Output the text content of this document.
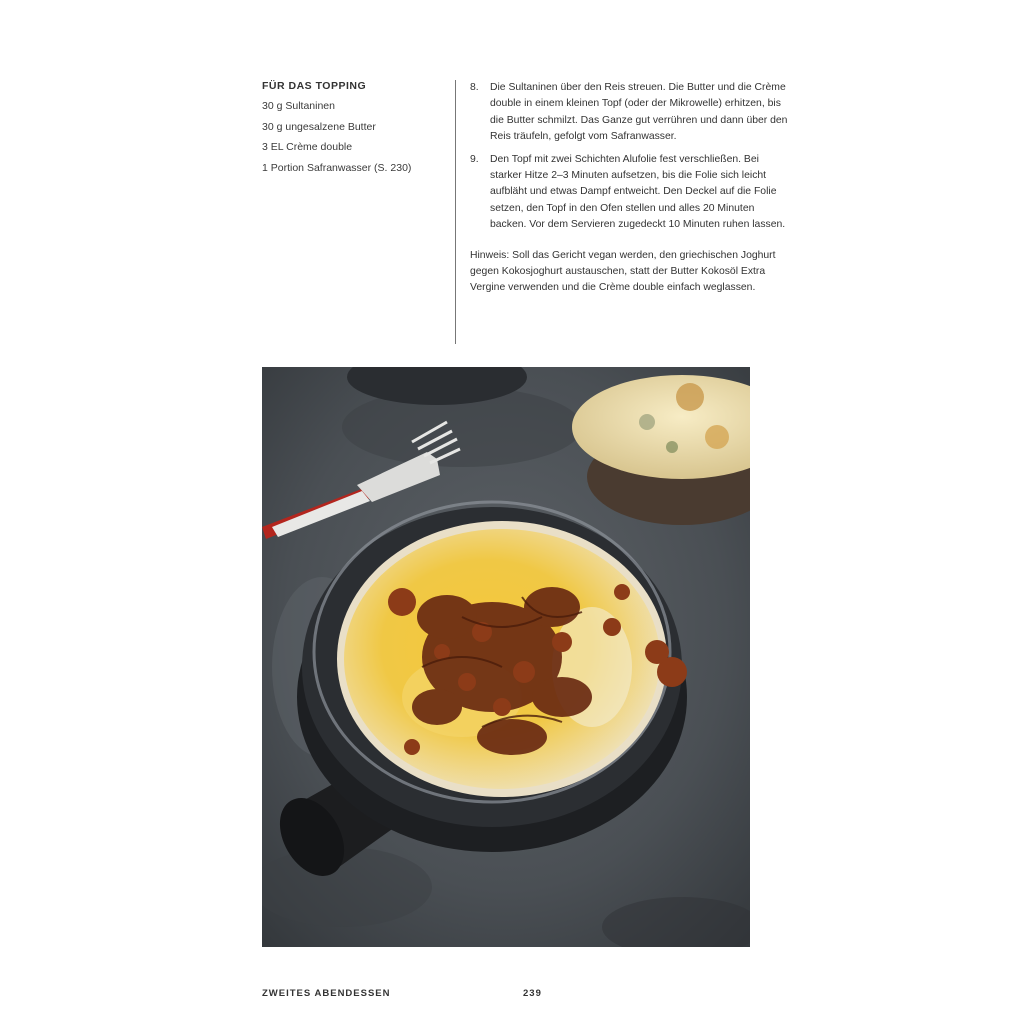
FÜR DAS TOPPING
30 g Sultaninen
30 g ungesalzene Butter
3 EL Crème double
1 Portion Safranwasser (S. 230)
8.	Die Sultaninen über den Reis streuen. Die Butter und die Crème double in einem kleinen Topf (oder der Mikrowelle) erhitzen, bis die Butter schmilzt. Das Ganze gut verrühren und dann über den Reis träufeln, gefolgt vom Safranwasser.
9.	Den Topf mit zwei Schichten Alufolie fest verschließen. Bei starker Hitze 2–3 Minuten aufsetzen, bis die Folie sich leicht aufbläht und etwas Dampf entweicht. Den Deckel auf die Folie setzen, den Topf in den Ofen stellen und alles 20 Minuten backen. Vor dem Servieren zugedeckt 10 Minuten ruhen lassen.
Hinweis: Soll das Gericht vegan werden, den griechischen Joghurt gegen Kokosjoghurt austauschen, statt der Butter Kokosöl Extra Vergine verwenden und die Crème double einfach weglassen.
ZWEITES ABENDESSEN	239
